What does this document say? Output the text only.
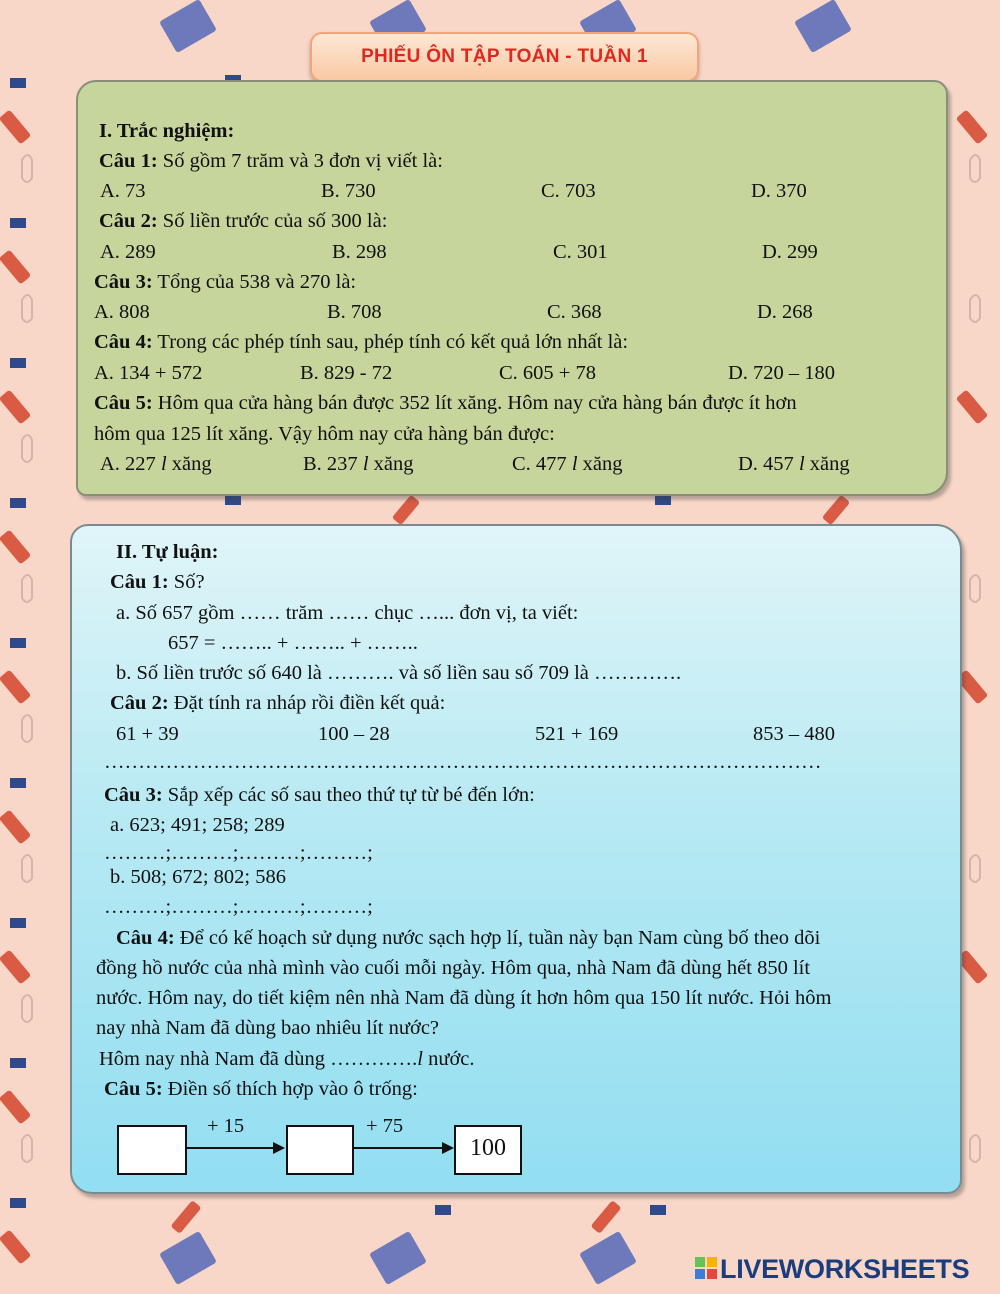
PHIẾU ÔN TẬP TOÁN - TUẦN 1
I. Trắc nghiệm:
Câu 1: Số gồm 7 trăm và 3 đơn vị viết là:
A. 73	B. 730	C. 703	D. 370
Câu 2: Số liền trước của số 300 là:
A. 289	B. 298	C. 301	D. 299
Câu 3: Tổng của 538 và 270 là:
A. 808	B. 708	C. 368	D. 268
Câu 4: Trong các phép tính sau, phép tính có kết quả lớn nhất là:
A. 134 + 572	B. 829 - 72	C. 605 + 78	D. 720 – 180
Câu 5: Hôm qua cửa hàng bán được 352 lít xăng. Hôm nay cửa hàng bán được ít hơn
hôm qua 125 lít xăng. Vậy hôm nay cửa hàng bán được:
A. 227 l xăng	B. 237 l xăng	C. 477 l xăng	D. 457 l xăng
II. Tự luận:
Câu 1: Số?
a. Số 657 gồm …… trăm …… chục …... đơn vị, ta viết:
657 = …….. + …….. + ……..
b. Số liền trước số 640 là ………. và số liền sau số 709 là ………….
Câu 2: Đặt tính ra nháp rồi điền kết quả:
61 + 39	100 – 28	521 + 169	853 – 480
……………………………………………………………………………………………
Câu 3: Sắp xếp các số sau theo thứ tự từ bé đến lớn:
a. 623; 491; 258; 289
………;………;………;………;
b. 508; 672; 802; 586
………;………;………;………;
Câu 4: Để có kế hoạch sử dụng nước sạch hợp lí, tuần này bạn Nam cùng bố theo dõi
đồng hồ nước của nhà mình vào cuối mỗi ngày. Hôm qua, nhà Nam đã dùng hết 850 lít
nước. Hôm nay, do tiết kiệm nên nhà Nam đã dùng ít hơn hôm qua 150 lít nước. Hỏi hôm
nay nhà Nam đã dùng bao nhiêu lít nước?
Hôm nay nhà Nam đã dùng ………….l nước.
Câu 5: Điền số thích hợp vào ô trống:
+ 15	+ 75
100
LIVEWORKSHEETS
